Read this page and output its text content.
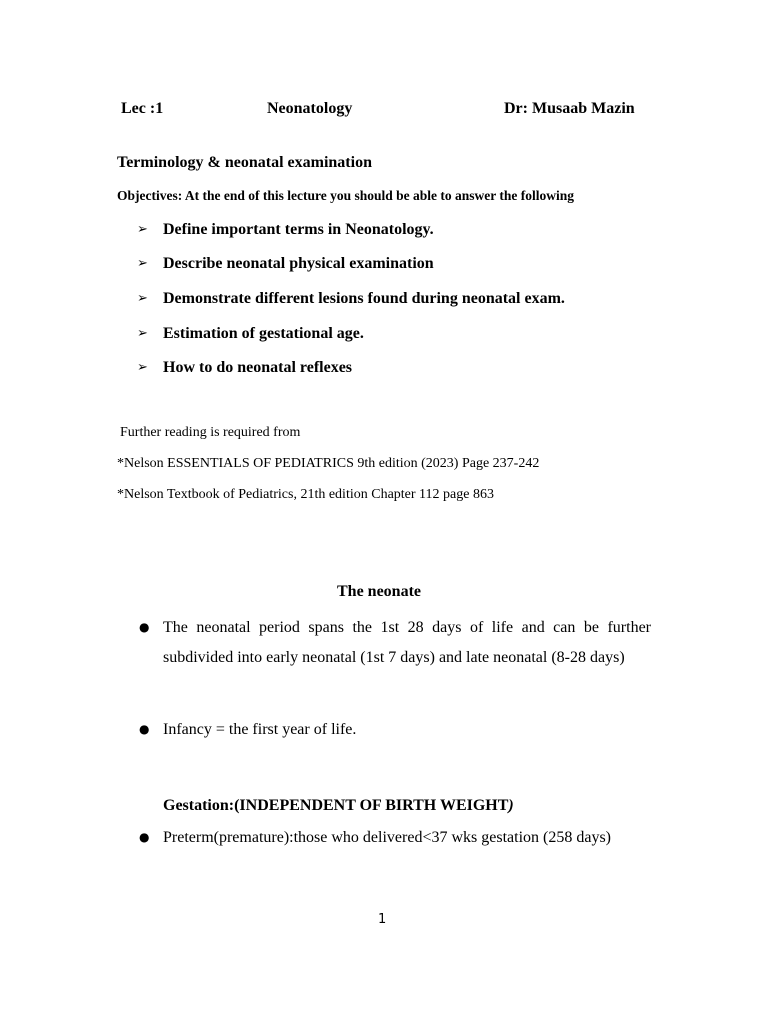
Lec :1	Neonatology	Dr: Musaab Mazin
Terminology & neonatal examination
Objectives: At the end of this lecture you should be able to answer the following
➢ Define important terms in Neonatology.
➢ Describe neonatal physical examination
➢ Demonstrate different lesions found during neonatal exam.
➢ Estimation of gestational age.
➢ How to do neonatal reflexes
Further reading is required from
*Nelson ESSENTIALS OF PEDIATRICS 9th edition (2023) Page 237-242
*Nelson Textbook of Pediatrics, 21th edition Chapter 112 page 863
The neonate
● The neonatal period spans the 1st 28 days of life and can be further subdivided into early neonatal (1st 7 days) and late neonatal (8-28 days)
● Infancy = the first year of life.
Gestation:(INDEPENDENT OF BIRTH WEIGHT)
● Preterm(premature):those who delivered<37 wks gestation (258 days)
1
